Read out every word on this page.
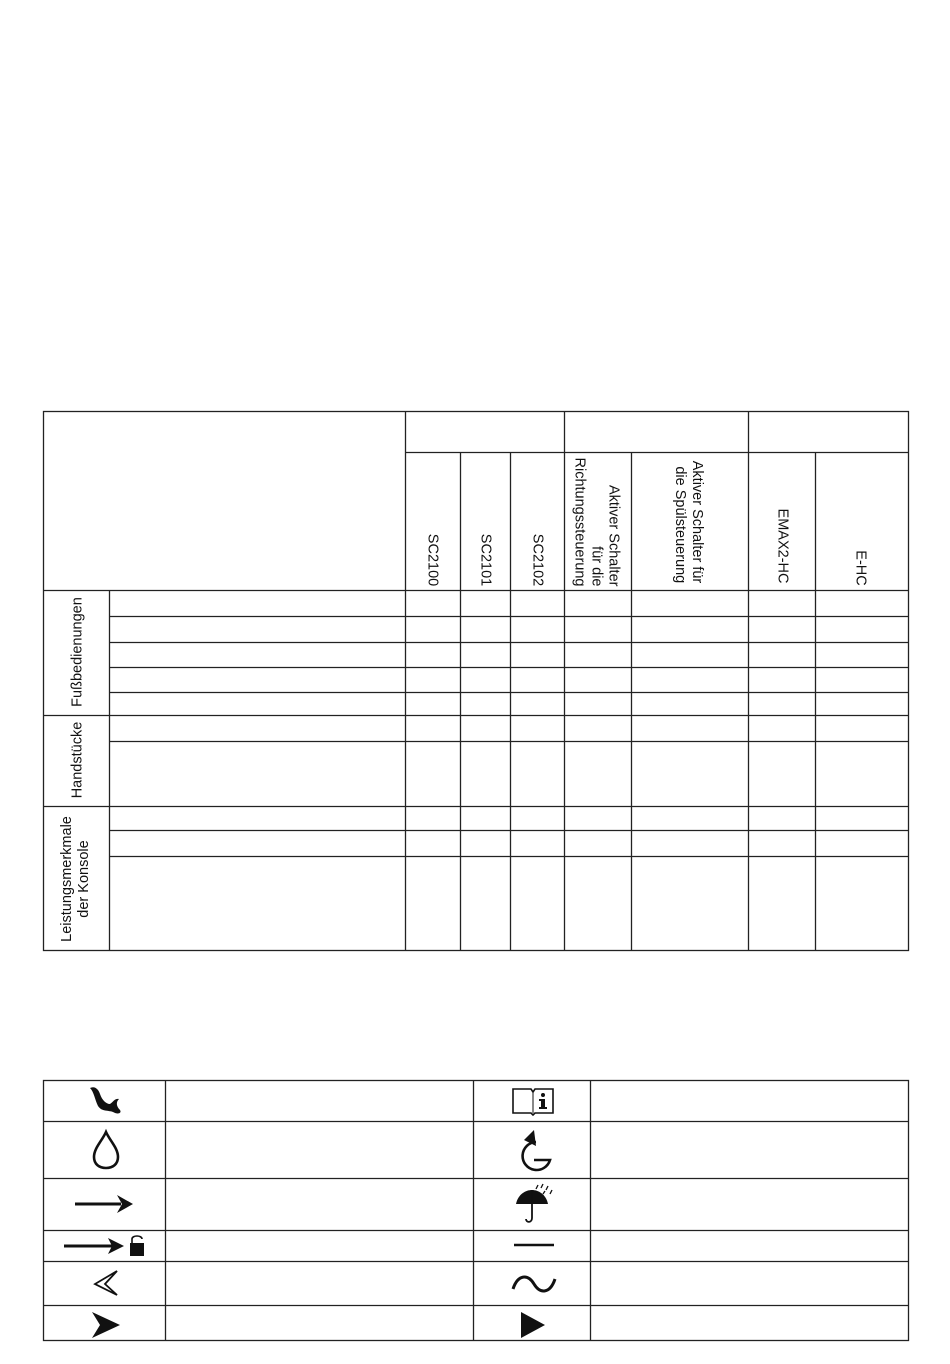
SC2100	SC2101 SC2102
Aktiver Schalter
für die
Richtungssteuerung	Aktiver Schalter für
die Spülsteuerung	EMAX2-HC	E-HC
Fußbedienungen
Handstücke
Leistungsmerkmale
der Konsole
